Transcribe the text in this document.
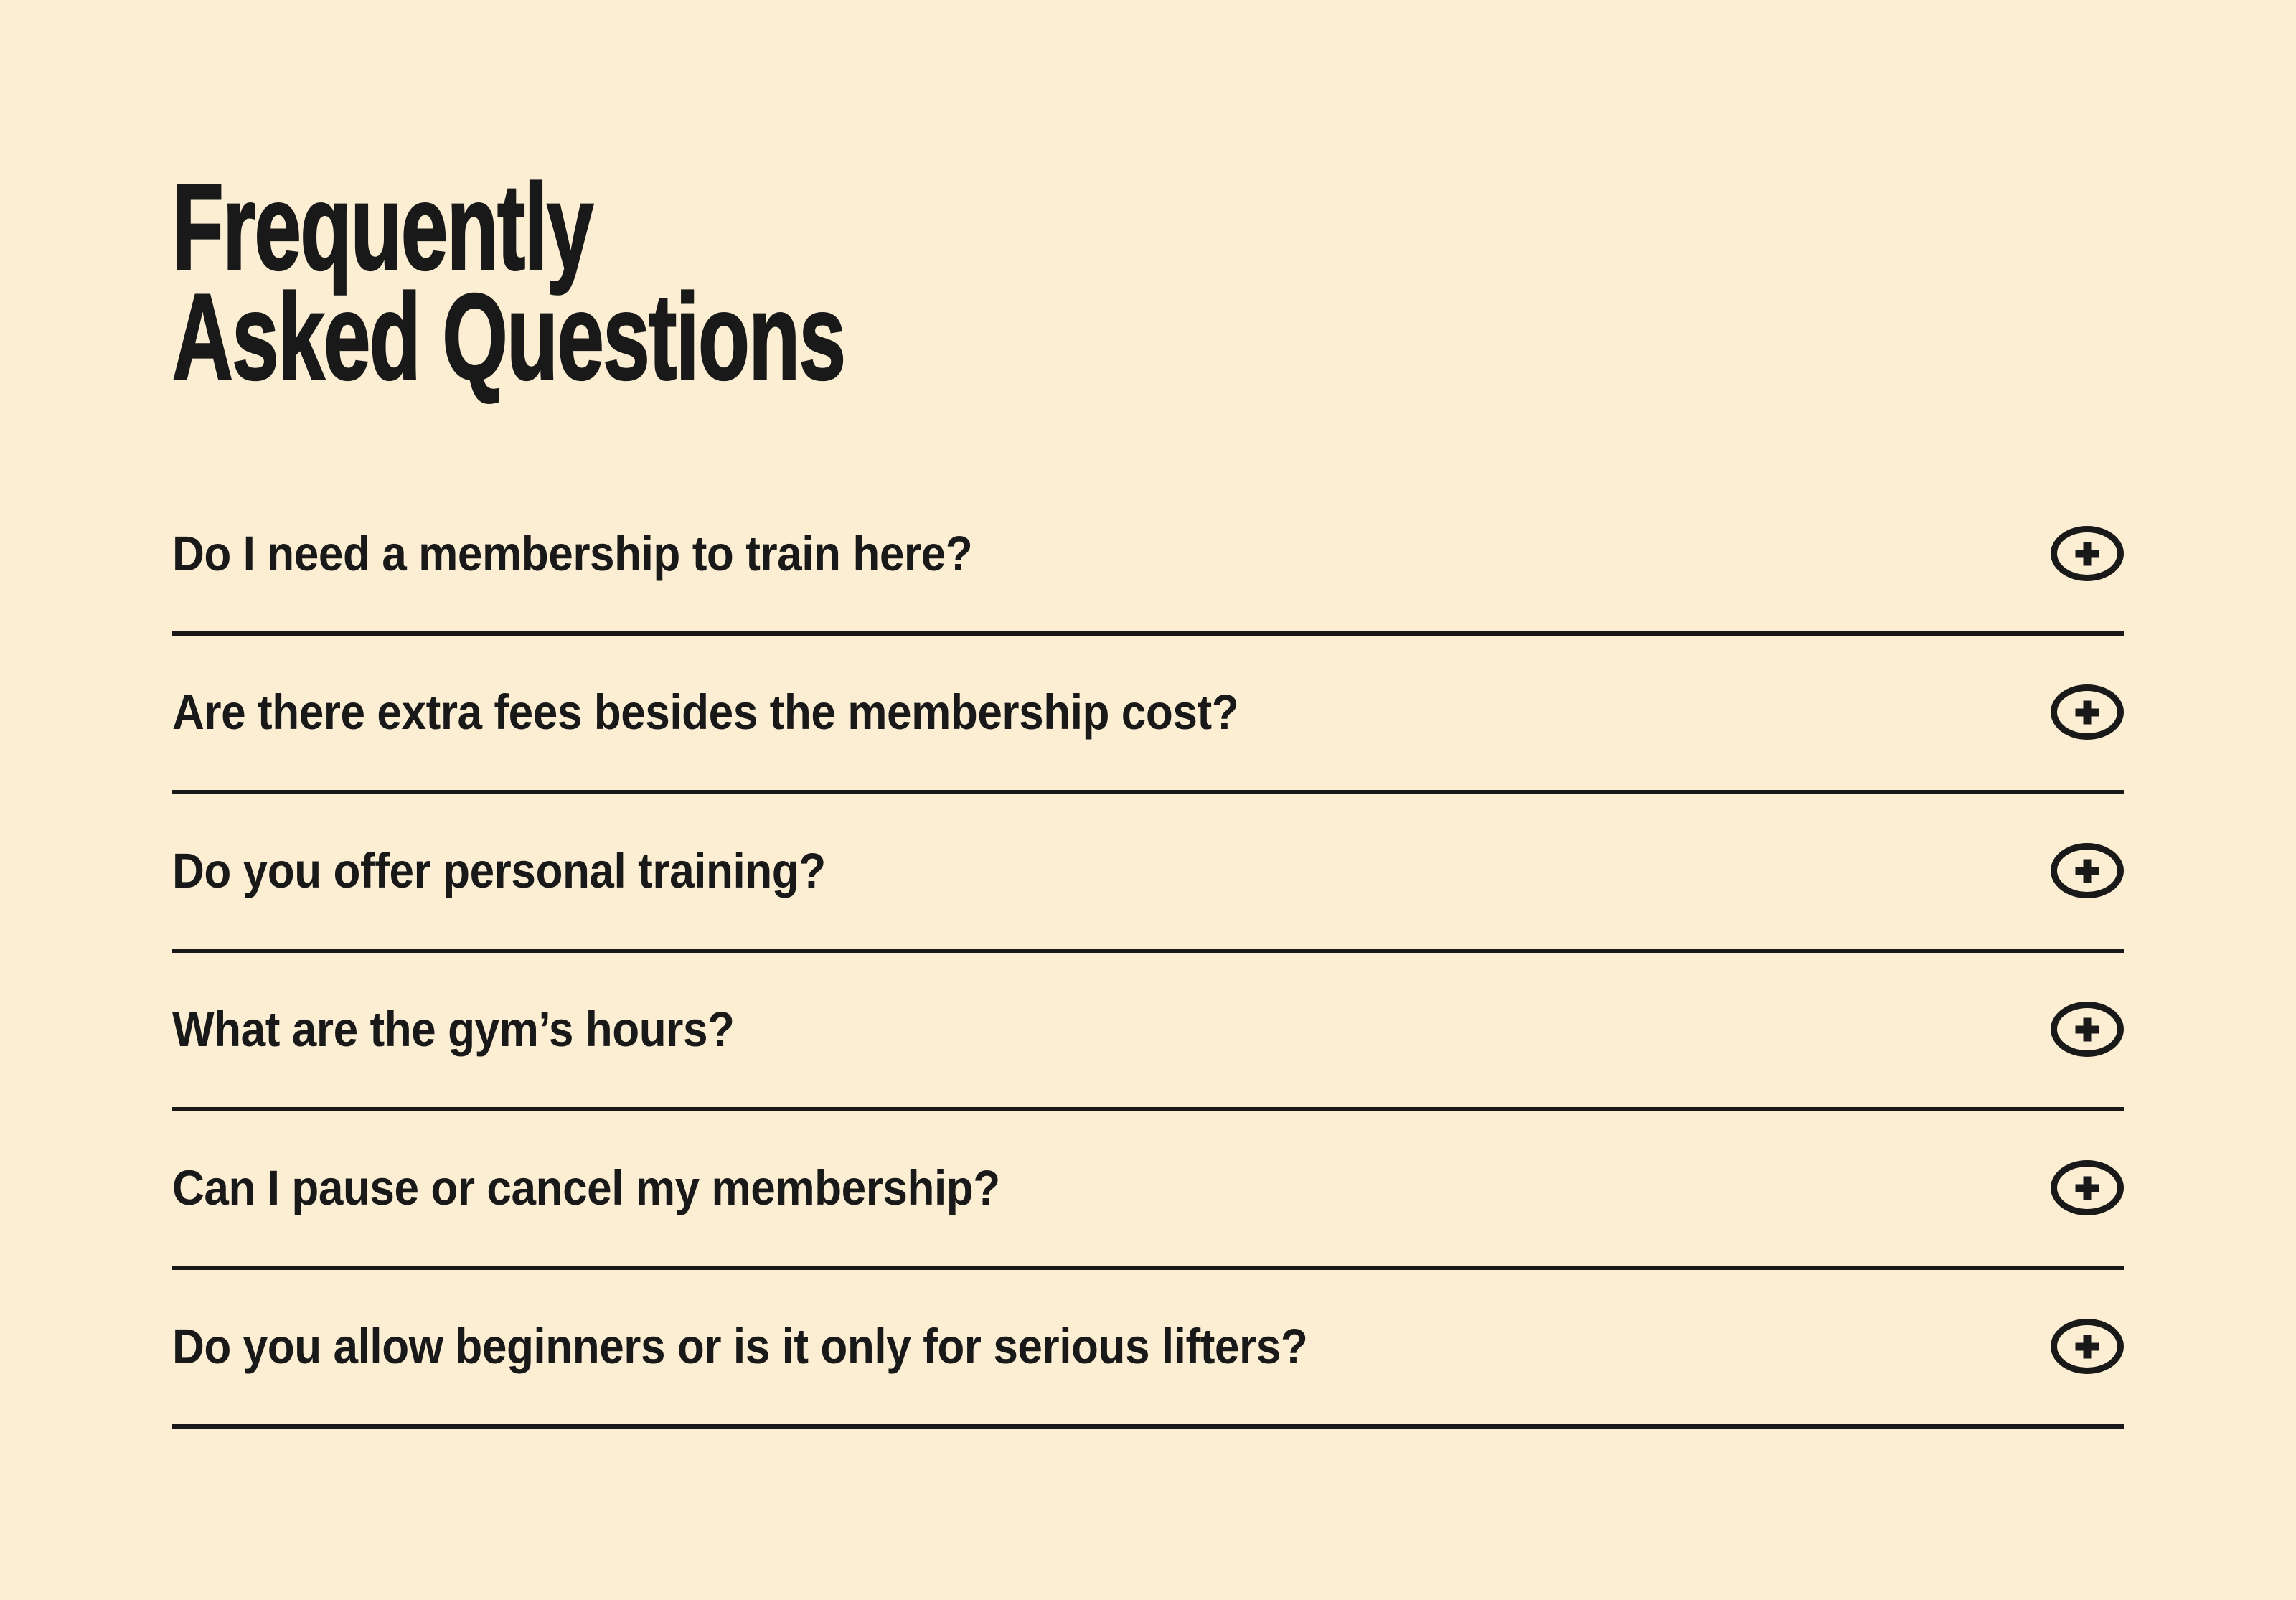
Frequently
Asked Questions
Do I need a membership to train here?
Are there extra fees besides the membership cost?
Do you offer personal training?
What are the gym’s hours?
Can I pause or cancel my membership?
Do you allow beginners or is it only for serious lifters?
